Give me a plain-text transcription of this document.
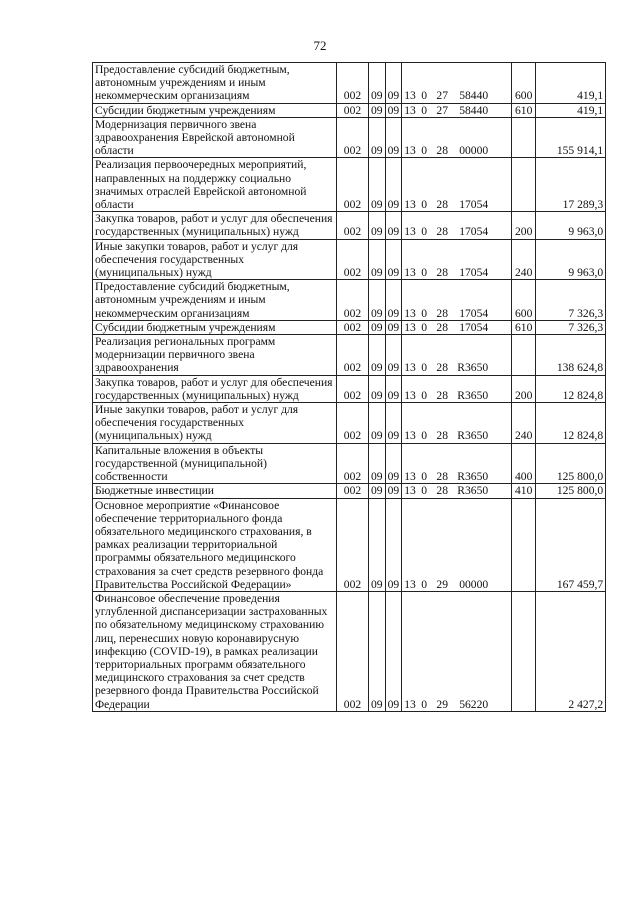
72
Предоставление субсидий бюджетным, автономным учреждениям и иным некоммерческим организациям	002	09	09	13 0 27 58440	600	419,1
Субсидии бюджетным учреждениям	002	09	09	13 0 27 58440	610	419,1
Модернизация первичного звена здравоохранения Еврейской автономной области	002	09	09	13 0 28 00000		155 914,1
Реализация первоочередных мероприятий, направленных на поддержку социально значимых отраслей Еврейской автономной области	002	09	09	13 0 28 17054		17 289,3
Закупка товаров, работ и услуг для обеспечения государственных (муниципальных) нужд	002	09	09	13 0 28 17054	200	9 963,0
Иные закупки товаров, работ и услуг для обеспечения государственных (муниципальных) нужд	002	09	09	13 0 28 17054	240	9 963,0
Предоставление субсидий бюджетным, автономным учреждениям и иным некоммерческим организациям	002	09	09	13 0 28 17054	600	7 326,3
Субсидии бюджетным учреждениям	002	09	09	13 0 28 17054	610	7 326,3
Реализация региональных программ модернизации первичного звена здравоохранения	002	09	09	13 0 28 R3650		138 624,8
Закупка товаров, работ и услуг для обеспечения государственных (муниципальных) нужд	002	09	09	13 0 28 R3650	200	12 824,8
Иные закупки товаров, работ и услуг для обеспечения государственных (муниципальных) нужд	002	09	09	13 0 28 R3650	240	12 824,8
Капитальные вложения в объекты государственной (муниципальной) собственности	002	09	09	13 0 28 R3650	400	125 800,0
Бюджетные инвестиции	002	09	09	13 0 28 R3650	410	125 800,0
Основное мероприятие «Финансовое обеспечение территориального фонда обязательного медицинского страхования, в рамках реализации территориальной программы обязательного медицинского страхования за счет средств резервного фонда Правительства Российской Федерации»	002	09	09	13 0 29 00000		167 459,7
Финансовое обеспечение проведения углубленной диспансеризации застрахованных по обязательному медицинскому страхованию лиц, перенесших новую коронавирусную инфекцию (COVID-19), в рамках реализации территориальных программ обязательного медицинского страхования за счет средств резервного фонда Правительства Российской Федерации	002	09	09	13 0 29 56220		2 427,2
